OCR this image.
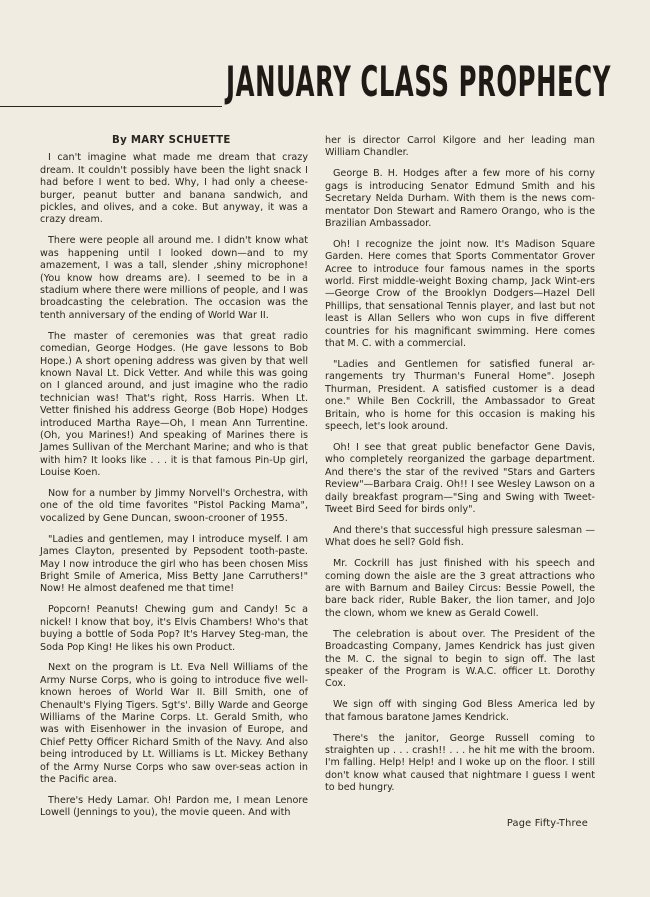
JANUARY CLASS PROPHECY
By MARY SCHUETTE

I can't imagine what made me dream that crazy dream. It couldn't possibly have been the light snack I had before I went to bed. Why, I had only a cheese-burger, peanut butter and banana sandwich, and pickles, and olives, and a coke. But anyway, it was a crazy dream.

There were people all around me. I didn't know what was happening until I looked down—and to my amazement, I was a tall, slender ,shiny microphone! (You know how dreams are). I seemed to be in a stadium where there were millions of people, and I was broadcasting the celebration. The occasion was the tenth anniversary of the ending of World War II.

The master of ceremonies was that great radio comedian, George Hodges. (He gave lessons to Bob Hope.) A short opening address was given by that well known Naval Lt. Dick Vetter. And while this was going on I glanced around, and just imagine who the radio technician was! That's right, Ross Harris. When Lt. Vetter finished his address George (Bob Hope) Hodges introduced Martha Raye—Oh, I mean Ann Turrentine. (Oh, you Marines!) And speaking of Marines there is James Sullivan of the Merchant Marine; and who is that with him? It looks like . . . it is that famous Pin-Up girl, Louise Koen.

Now for a number by Jimmy Norvell's Orchestra, with one of the old time favorites "Pistol Packing Mama", vocalized by Gene Duncan, swoon-crooner of 1955.

"Ladies and gentlemen, may I introduce myself. I am James Clayton, presented by Pepsodent tooth-paste. May I now introduce the girl who has been chosen Miss Bright Smile of America, Miss Betty Jane Carruthers!" Now! He almost deafened me that time!

Popcorn! Peanuts! Chewing gum and Candy! 5c a nickel! I know that boy, it's Elvis Chambers! Who's that buying a bottle of Soda Pop? It's Harvey Steg-man, the Soda Pop King! He likes his own Product.

Next on the program is Lt. Eva Nell Williams of the Army Nurse Corps, who is going to introduce five well-known heroes of World War II. Bill Smith, one of Chenault's Flying Tigers. Sgt's'. Billy Warde and George Williams of the Marine Corps. Lt. Gerald Smith, who was with Eisenhower in the invasion of Europe, and Chief Petty Officer Richard Smith of the Navy. And also being introduced by Lt. Williams is Lt. Mickey Bethany of the Army Nurse Corps who saw over-seas action in the Pacific area.

There's Hedy Lamar. Oh! Pardon me, I mean Lenore Lowell (Jennings to you), the movie queen. And with

her is director Carrol Kilgore and her leading man William Chandler.

George B. H. Hodges after a few more of his corny gags is introducing Senator Edmund Smith and his Secretary Nelda Durham. With them is the news com-mentator Don Stewart and Ramero Orango, who is the Brazilian Ambassador.

Oh! I recognize the joint now. It's Madison Square Garden. Here comes that Sports Commentator Grover Acree to introduce four famous names in the sports world. First middle-weight Boxing champ, Jack Wint-ers—George Crow of the Brooklyn Dodgers—Hazel Dell Phillips, that sensational Tennis player, and last but not least is Allan Sellers who won cups in five different countries for his magnificant swimming. Here comes that M. C. with a commercial.

"Ladies and Gentlemen for satisfied funeral ar-rangements try Thurman's Funeral Home". Joseph Thurman, President. A satisfied customer is a dead one." While Ben Cockrill, the Ambassador to Great Britain, who is home for this occasion is making his speech, let's look around.

Oh! I see that great public benefactor Gene Davis, who completely reorganized the garbage department. And there's the star of the revived "Stars and Garters Review"—Barbara Craig. Oh!! I see Wesley Lawson on a daily breakfast program—"Sing and Swing with Tweet-Tweet Bird Seed for birds only".

And there's that successful high pressure salesman —What does he sell? Gold fish.

Mr. Cockrill has just finished with his speech and coming down the aisle are the 3 great attractions who are with Barnum and Bailey Circus: Bessie Powell, the bare back rider, Ruble Baker, the lion tamer, and JoJo the clown, whom we knew as Gerald Cowell.

The celebration is about over. The President of the Broadcasting Company, James Kendrick has just given the M. C. the signal to begin to sign off. The last speaker of the Program is W.A.C. officer Lt. Dorothy Cox.

We sign off with singing God Bless America led by that famous baratone James Kendrick.

There's the janitor, George Russell coming to straighten up . . . crash!! . . . he hit me with the broom. I'm falling. Help! Help! and I woke up on the floor. I still don't know what caused that nightmare I guess I went to bed hungry.

Page Fifty-Three
